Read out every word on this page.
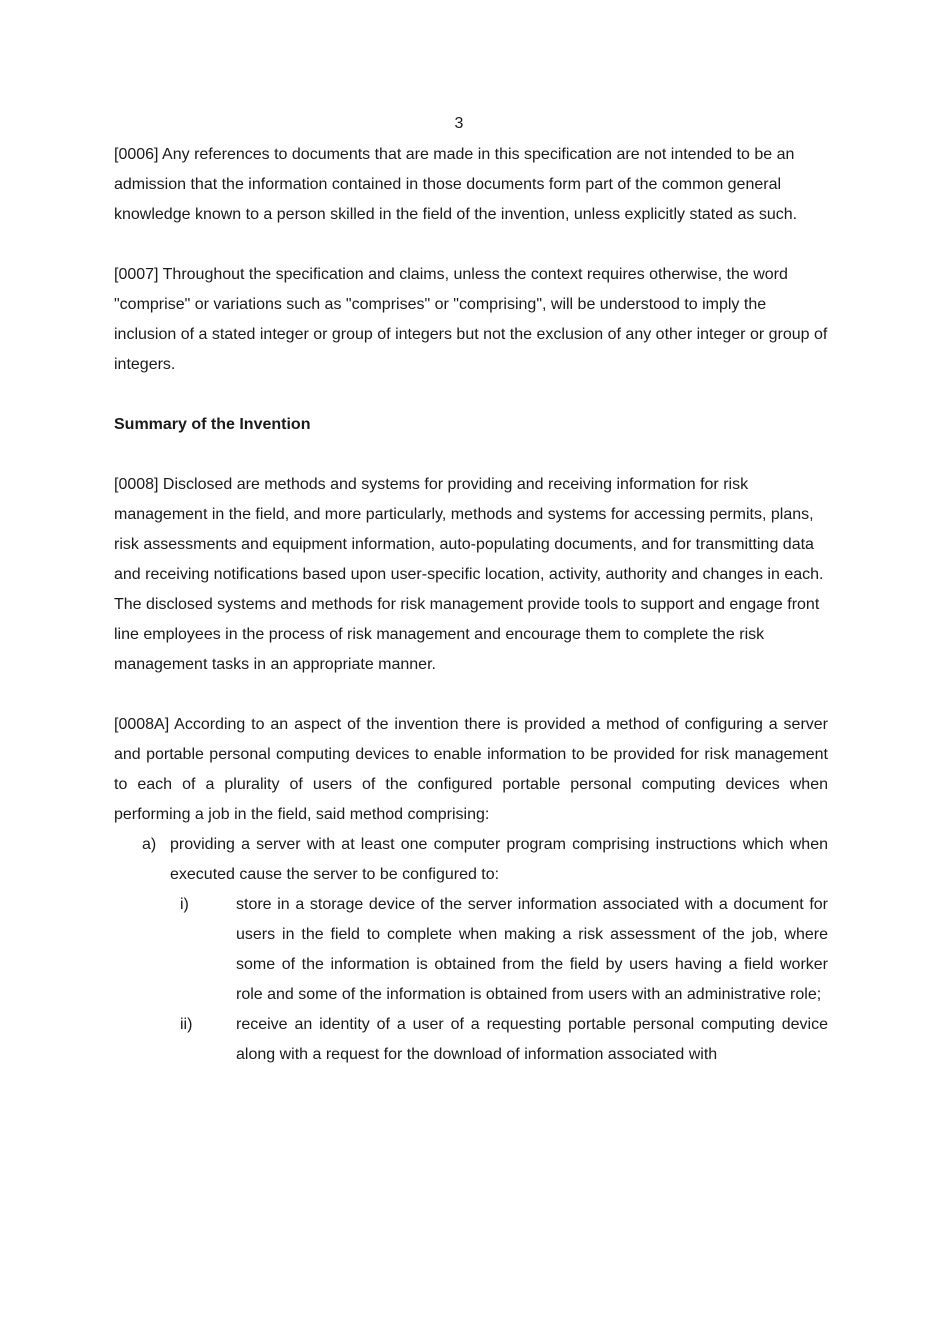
3

[0006] Any references to documents that are made in this specification are not intended to be an admission that the information contained in those documents form part of the common general knowledge known to a person skilled in the field of the invention, unless explicitly stated as such.

[0007] Throughout the specification and claims, unless the context requires otherwise, the word "comprise" or variations such as "comprises" or "comprising", will be understood to imply the inclusion of a stated integer or group of integers but not the exclusion of any other integer or group of integers.

Summary of the Invention

[0008] Disclosed are methods and systems for providing and receiving information for risk management in the field, and more particularly, methods and systems for accessing permits, plans, risk assessments and equipment information, auto-populating documents, and for transmitting data and receiving notifications based upon user-specific location, activity, authority and changes in each. The disclosed systems and methods for risk management provide tools to support and engage front line employees in the process of risk management and encourage them to complete the risk management tasks in an appropriate manner.

[0008A] According to an aspect of the invention there is provided a method of configuring a server and portable personal computing devices to enable information to be provided for risk management to each of a plurality of users of the configured portable personal computing devices when performing a job in the field, said method comprising:

a) providing a server with at least one computer program comprising instructions which when executed cause the server to be configured to:
i)	store in a storage device of the server information associated with a document for users in the field to complete when making a risk assessment of the job, where some of the information is obtained from the field by users having a field worker role and some of the information is obtained from users with an administrative role;
ii)	receive an identity of a user of a requesting portable personal computing device along with a request for the download of information associated with
